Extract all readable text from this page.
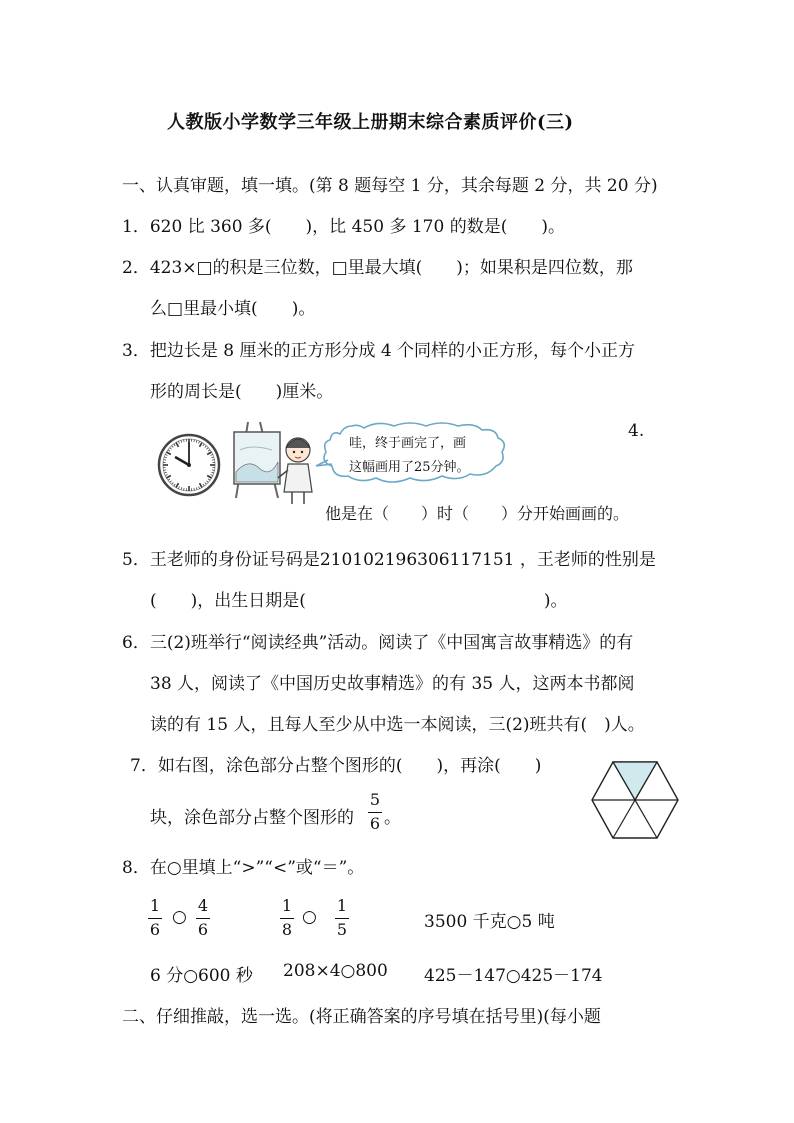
人教版小学数学三年级上册期末综合素质评价(三)
一、认真审题，填一填。(第 8 题每空 1 分，其余每题 2 分，共 20 分)
1．620 比 360 多(　　)，比 450 多 170 的数是(　　)。
2．423×□的积是三位数，□里最大填(　　)；如果积是四位数，那
么□里最小填(　　)。
3．把边长是 8 厘米的正方形分成 4 个同样的小正方形，每个小正方
形的周长是(　　)厘米。
哇，终于画完了，画
这幅画用了25分钟。
4.
他是在（　　）时（　　）分开始画画的。
5．王老师的身份证号码是210102196306117151 ，王老师的性别是
(　　)，出生日期是(　　　　　　　　　　　　　　)。
6．三(2)班举行“阅读经典”活动。阅读了《中国寓言故事精选》的有
38 人，阅读了《中国历史故事精选》的有 35 人，这两本书都阅
读的有 15 人，且每人至少从中选一本阅读，三(2)班共有(　)人。
7．如右图，涂色部分占整个图形的(　　)，再涂(　　)
块，涂色部分占整个图形的
5
6 。
8．在○里填上“>”“<”或“＝”。
1
6
○
4
6
1
8
○
1
5	3500 千克○5 吨
6 分○600 秒 208×4○800 425－147○425－174
二、仔细推敲，选一选。(将正确答案的序号填在括号里)(每小题
